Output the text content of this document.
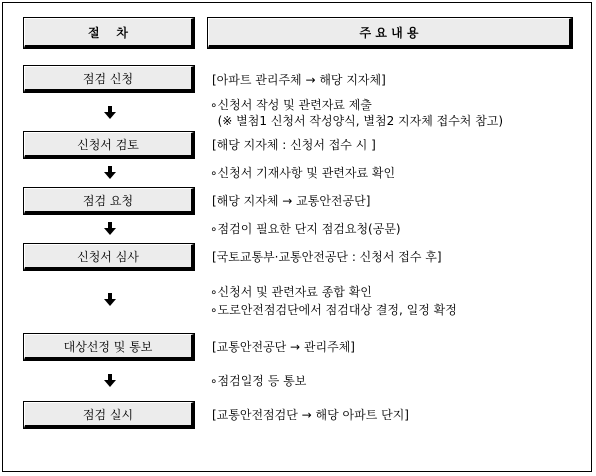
절    차	주 요 내 용
점검 신청	[아파트 관리주체 → 해당 지자체]
∘신청서 작성 및 관련자료 제출
(※ 별첨1 신청서 작성양식, 별첨2 지자체 접수처 참고)
신청서 검토	[해당 지자체 : 신청서 접수 시 ]
∘신청서 기재사항 및 관련자료 확인
점검 요청	[해당 지자체 → 교통안전공단]
∘점검이 필요한 단지 점검요청(공문)
신청서 심사	[국토교통부·교통안전공단 : 신청서 접수 후]
∘신청서 및 관련자료 종합 확인
∘도로안전점검단에서 점검대상 결정, 일정 확정
대상선정 및 통보	[교통안전공단 → 관리주체]
∘점검일정 등 통보
점검 실시	[교통안전점검단 → 해당 아파트 단지]
